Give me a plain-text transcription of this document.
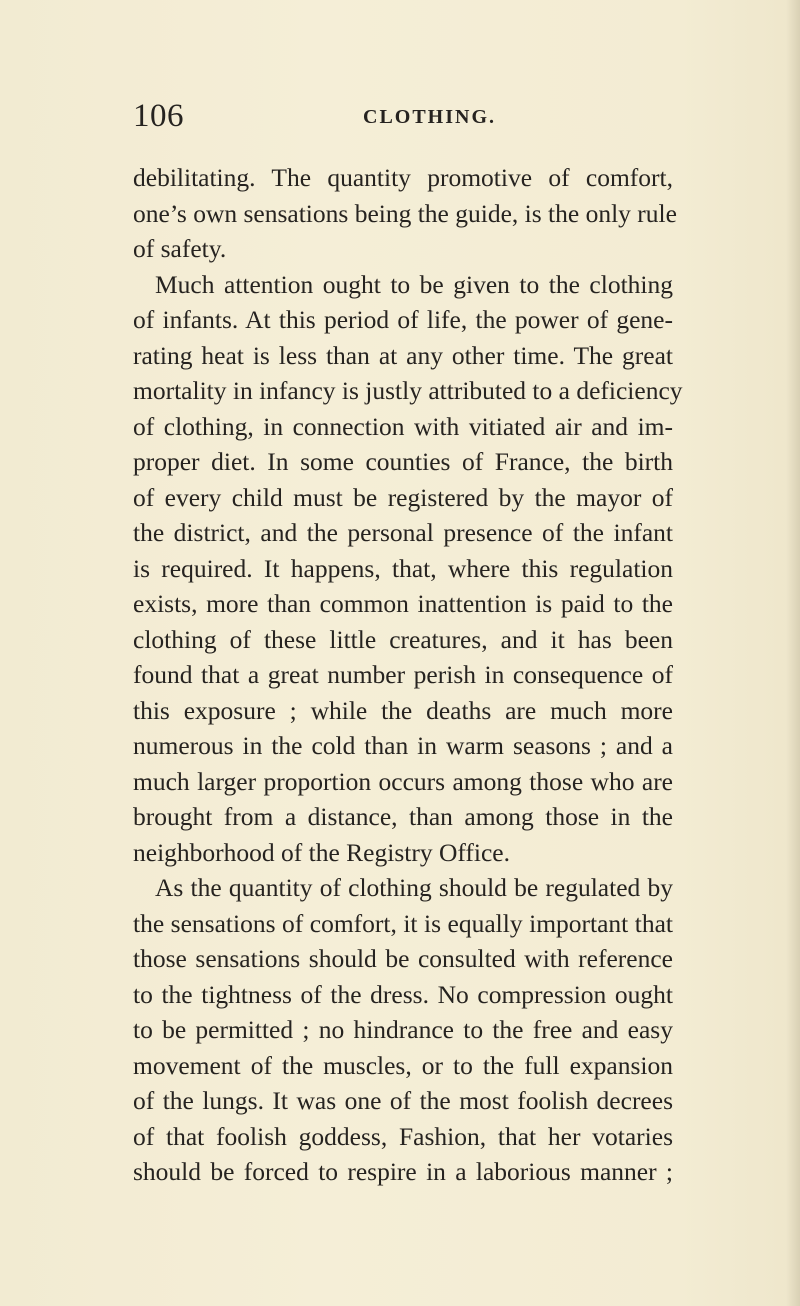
106	CLOTHING.
debilitating. The quantity promotive of comfort,
one’s own sensations being the guide, is the only rule
of safety.
Much attention ought to be given to the clothing
of infants. At this period of life, the power of gene-
rating heat is less than at any other time. The great
mortality in infancy is justly attributed to a deficiency
of clothing, in connection with vitiated air and im-
proper diet. In some counties of France, the birth
of every child must be registered by the mayor of
the district, and the personal presence of the infant
is required. It happens, that, where this regulation
exists, more than common inattention is paid to the
clothing of these little creatures, and it has been
found that a great number perish in consequence of
this exposure ; while the deaths are much more
numerous in the cold than in warm seasons ; and a
much larger proportion occurs among those who are
brought from a distance, than among those in the
neighborhood of the Registry Office.
As the quantity of clothing should be regulated by
the sensations of comfort, it is equally important that
those sensations should be consulted with reference
to the tightness of the dress. No compression ought
to be permitted ; no hindrance to the free and easy
movement of the muscles, or to the full expansion
of the lungs. It was one of the most foolish decrees
of that foolish goddess, Fashion, that her votaries
should be forced to respire in a laborious manner ;
